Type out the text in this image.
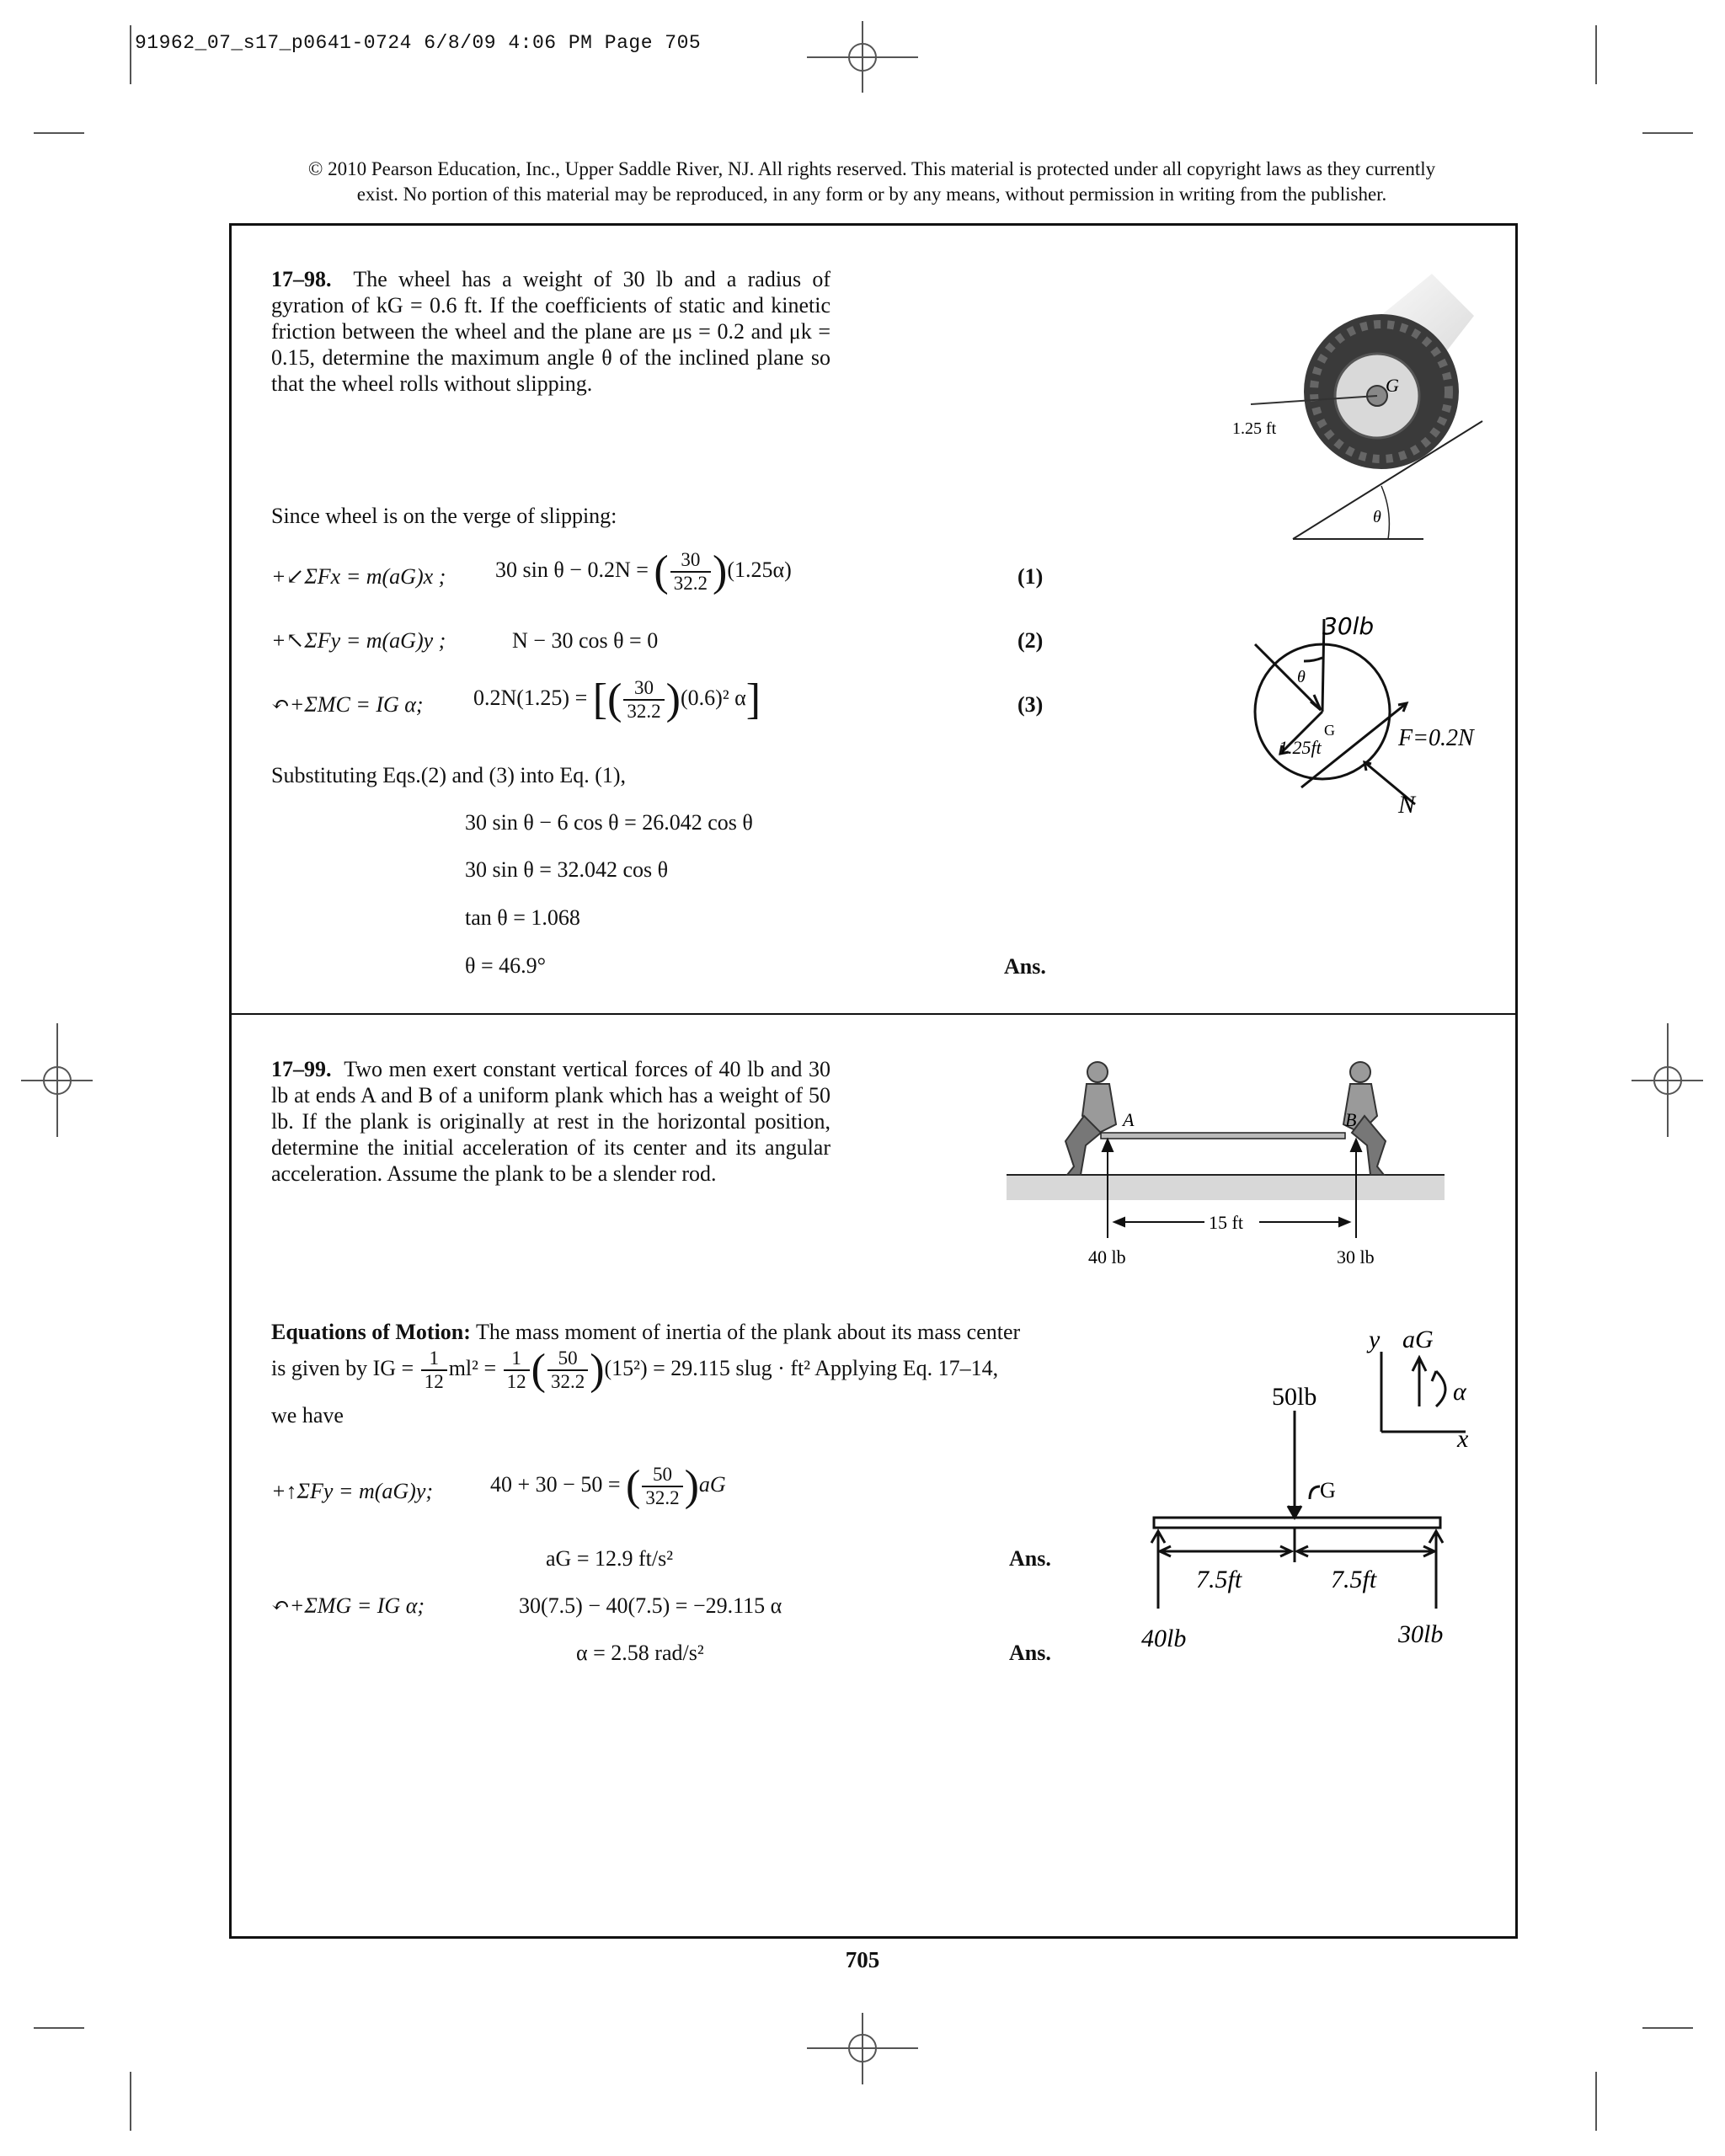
91962_07_s17_p0641-0724 6/8/09 4:06 PM Page 705
© 2010 Pearson Education, Inc., Upper Saddle River, NJ. All rights reserved. This material is protected under all copyright laws as they currently
exist. No portion of this material may be reproduced, in any form or by any means, without permission in writing from the publisher.
17–98. The wheel has a weight of 30 lb and a radius of gyration of kG = 0.6 ft. If the coefficients of static and kinetic friction between the wheel and the plane are μs = 0.2 and μk = 0.15, determine the maximum angle θ of the inclined plane so that the wheel rolls without slipping.
1.25 ft
G
θ
Since wheel is on the verge of slipping:
+↙ΣFx = m(aG)x ; 30 sin θ − 0.2N = ( $\frac{30}{32.2} )(1.25\alpha)$	(1)
+↖ΣFy = m(aG)y ;	N − 30 cos θ = 0	(2)
↶+ΣMC = IG α; 0.2N(1.25) = [( $\frac{30}{32.2} )(0.6)^2$ α]	(3)
Substituting Eqs.(2) and (3) into Eq. (1),
30 sin θ − 6 cos θ = 26.042 cos θ
30 sin θ = 32.042 cos θ
tan θ = 1.068
θ = 46.9°	Ans.
30lb
θ
G
1.25ft	F=0.2N
N
17–99. Two men exert constant vertical forces of 40 lb and 30 lb at ends A and B of a uniform plank which has a weight of 50 lb. If the plank is originally at rest in the horizontal position, determine the initial acceleration of its center and its angular acceleration. Assume the plank to be a slender rod.
A	B
15 ft
40 lb	30 lb
Equations of Motion: The mass moment of inertia of the plank about its mass center
is given by IG = $\frac{1}{12} ml^2 = \frac{1}{12}$ ( $\frac{50}{32.2} )(15^2) = 29.115$ slug · ft² Applying Eq. 17–14,
we have
+↑ΣFy = m(aG)y;	40 + 30 − 50 = ( $\frac{50}{32.2} )aG$
aG = 12.9 ft/s²	Ans.
↶+ΣMG = IG α;	30(7.5) − 40(7.5) = −29.115 α
α = 2.58 rad/s²	Ans.
y aG
α
x
50lb
G
7.5ft	7.5ft
40lb	30lb
705
